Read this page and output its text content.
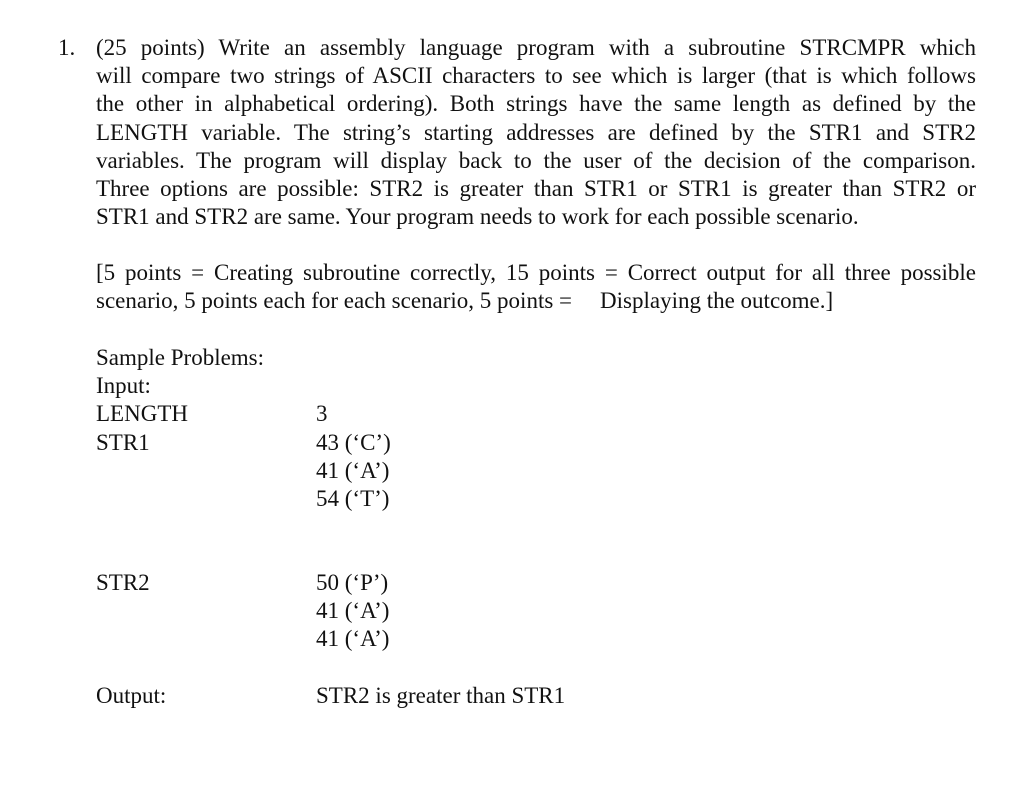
1. (25 points) Write an assembly language program with a subroutine STRCMPR which
will compare two strings of ASCII characters to see which is larger (that is which follows
the other in alphabetical ordering). Both strings have the same length as defined by the
LENGTH variable. The string’s starting addresses are defined by the STR1 and STR2
variables. The program will display back to the user of the decision of the comparison.
Three options are possible: STR2 is greater than STR1 or STR1 is greater than STR2 or
STR1 and STR2 are same. Your program needs to work for each possible scenario.
[5 points = Creating subroutine correctly, 15 points = Correct output for all three possible
scenario, 5 points each for each scenario, 5 points = Displaying the outcome.]
Sample Problems:
Input:
LENGTH	3
STR1	43 (‘C’)
41 (‘A’)
54 (‘T’)
STR2	50 (‘P’)
41 (‘A’)
41 (‘A’)
Output:	STR2 is greater than STR1
